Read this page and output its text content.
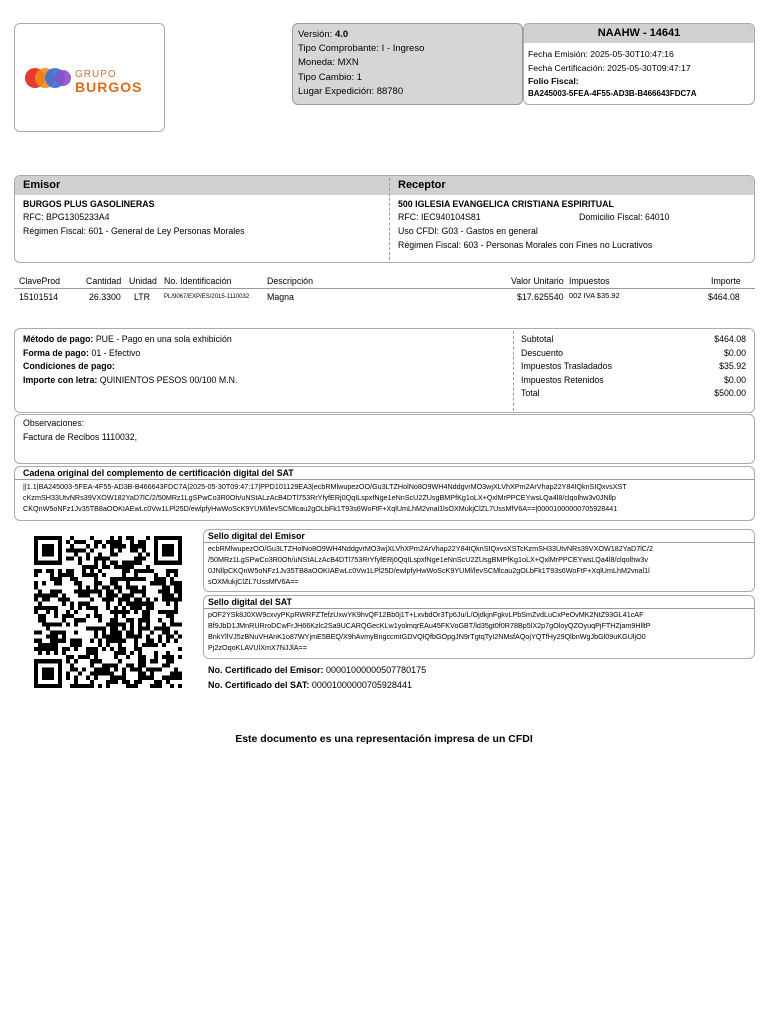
GRUPO
BURGOS
Versión: 4.0
Tipo Comprobante: I - Ingreso
Moneda: MXN
Tipo Cambio: 1
Lugar Expedición: 88780
NAAHW - 14641
Fecha Emisión: 2025-05-30T10:47:16
Fecha Certificación: 2025-05-30T09:47:17
Folio Fiscal:
BA245003-5FEA-4F55-AD3B-B466643FDC7A
Emisor	Receptor
BURGOS PLUS GASOLINERAS
RFC: BPG1305233A4
Régimen Fiscal: 601 - General de Ley Personas Morales
500 IGLESIA EVANGELICA CRISTIANA ESPIRITUAL
RFC: IEC940104S81	Domicilio Fiscal: 64010
Uso CFDI: G03 - Gastos en general
Régimen Fiscal: 603 - Personas Morales con Fines no Lucrativos
ClaveProd	Cantidad Unidad No. Identificación	Descripción	Valor Unitario Impuestos	Importe
15101514	26.3300 LTR PL/9067/EXP/ES/2015-1110032 Magna	$17.625540 002 IVA $35.92	$464.08
Método de pago: PUE - Pago en una sola exhibición
Forma de pago: 01 - Efectivo
Condiciones de pago:
Importe con letra: QUINIENTOS PESOS 00/100 M.N.
Subtotal	$464.08
Descuento	$0.00
Impuestos Trasladados	$35.92
Impuestos Retenidos	$0.00
Total	$500.00
Observaciones:
Factura de Recibos 1110032,
Cadena original del complemento de certificación digital del SAT
||1.1|BA245003-5FEA-4F55-AD3B-B466643FDC7A|2025-05-30T09:47:17|PPD101129EA3|ecbRMlwupezOO/Gu3LTZHolNo8O9WH4NddgvrMO3wjXLVhXPm2ArVhap22Y84IQknSIQxvsXST
cKzmSH33UtvNRs39VXOW182YaD7lC/2/50MRz1LgSPwCo3R0Oh/uNStALzAcB4DTl753RrYfyfERj0QqILspxfNge1eNnScU2ZUsgBMPfKg1oLX+QxlMrPPCEYwsLQa4l8/clqolhw3v0JNllp
CKQnW5oNFz1Jv35TB8aOOKIAEwLc0Vw1LPl25D/ewlpfyHwWoScK9YUMl/levSCMlcau2gOLbFk1T93s6WoFtF+XqlUmLhM2vnal1lsOXMukjClZL7UssMfV6A==|00001000000705928441
Sello digital del Emisor
ecbRMlwupezOO/Gu3LTZHolNo8O9WH4NddgvrMO3wjXLVhXPm2ArVhap22Y84IQknSIQxvsXSTcKzmSH33UtvNRs39VXOW182YaD7lC/2
/50MRz1LgSPwCo3R0Oh/uNStALzAcB4DTl753RrYfyfERj0QqILspxfNge1eNnScU2ZUsgBMPfKg1oLX+QxlMrPPCEYwsLQa4l8/clqolhw3v
0JNllpCKQnW5oNFz1Jv35TB8aOOKIAEwLc0Vw1LPl25D/ewlpfyHwWoScK9YUMl/levSCMlcau2gOLbFk1T93s6WoFtF+XqlUmLhM2vnal1l
sOXMukjClZL7UssMfV6A==
Sello digital del SAT
pOF2YSk8J0XW9cxvyPKpRWRFZTefzUxwYK9hvQF12Bb0j1T+LxvbdOr3Tp6Ju/L/OjdkjnFgkvLPbSmZvdLuCxPeOvMK2NtZ93GL41cAF
Bf9JbD1JMnRURroDCwFrJH66Kzlc2Sa9UCARQGecKLw1yolmqrEAu45FKVoGBT/ld35gt0f0R78Bp5lX2p7gOloyQZOyuqPjFTHZjam9HlltP
BnkYllVJ5zBNuVHAnK1o87WYjmE5BEQ/X9hAvmyBngccmtGDVQlQfbGOpgJN9rTgtqTyI2NMsfAQojYQTfHy29QlbnWgJbGl09uKGUljO0
Pj2zOqoKLAVUlXmX7NJJlA==
No. Certificado del Emisor: 00001000000507780175
No. Certificado del SAT: 00001000000705928441
Este documento es una representación impresa de un CFDI
